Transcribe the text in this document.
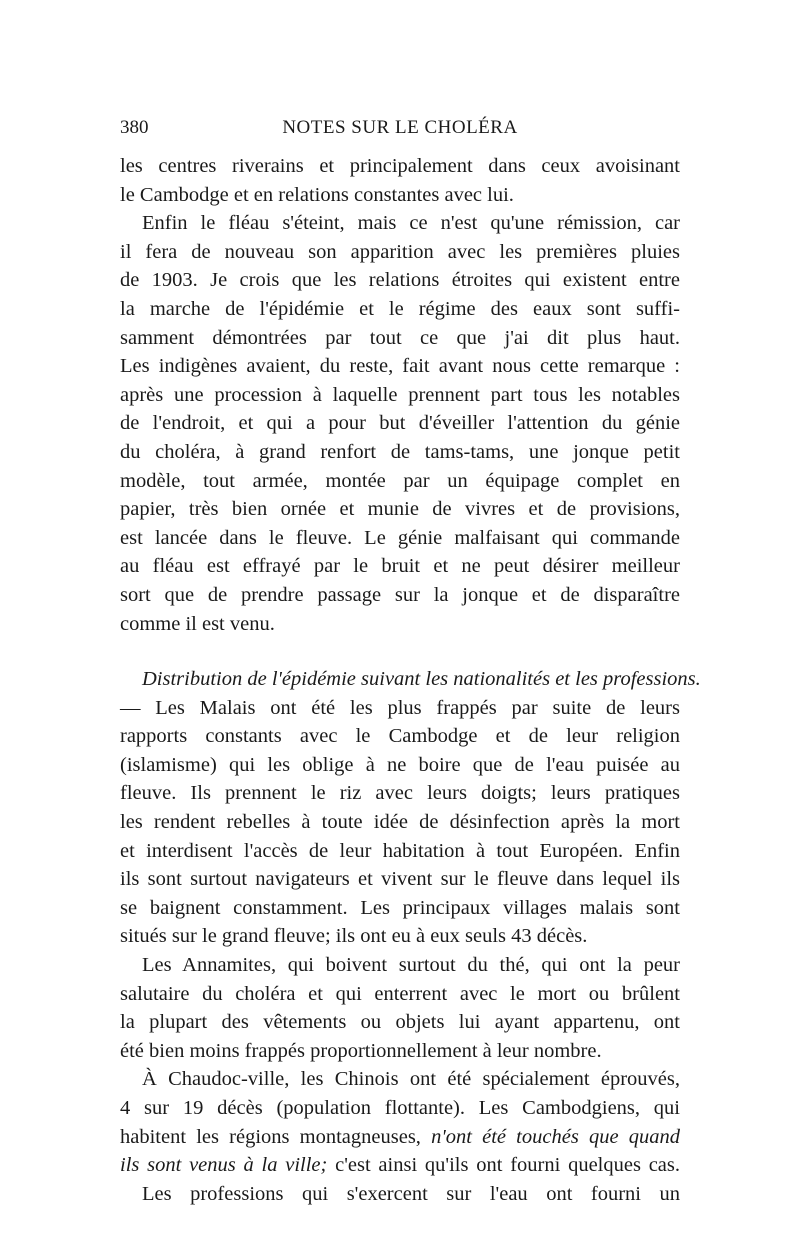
380	NOTES SUR LE CHOLÉRA
les centres riverains et principalement dans ceux avoisinant
le Cambodge et en relations constantes avec lui.
Enfin le fléau s'éteint, mais ce n'est qu'une rémission, car
il fera de nouveau son apparition avec les premières pluies
de 1903. Je crois que les relations étroites qui existent entre
la marche de l'épidémie et le régime des eaux sont suffi-
samment démontrées par tout ce que j'ai dit plus haut.
Les indigènes avaient, du reste, fait avant nous cette remarque :
après une procession à laquelle prennent part tous les notables
de l'endroit, et qui a pour but d'éveiller l'attention du génie
du choléra, à grand renfort de tams-tams, une jonque petit
modèle, tout armée, montée par un équipage complet en
papier, très bien ornée et munie de vivres et de provisions,
est lancée dans le fleuve. Le génie malfaisant qui commande
au fléau est effrayé par le bruit et ne peut désirer meilleur
sort que de prendre passage sur la jonque et de disparaître
comme il est venu.
Distribution de l'épidémie suivant les nationalités et les professions.
— Les Malais ont été les plus frappés par suite de leurs
rapports constants avec le Cambodge et de leur religion
(islamisme) qui les oblige à ne boire que de l'eau puisée au
fleuve. Ils prennent le riz avec leurs doigts; leurs pratiques
les rendent rebelles à toute idée de désinfection après la mort
et interdisent l'accès de leur habitation à tout Européen. Enfin
ils sont surtout navigateurs et vivent sur le fleuve dans lequel ils
se baignent constamment. Les principaux villages malais sont
situés sur le grand fleuve; ils ont eu à eux seuls 43 décès.
Les Annamites, qui boivent surtout du thé, qui ont la peur
salutaire du choléra et qui enterrent avec le mort ou brûlent
la plupart des vêtements ou objets lui ayant appartenu, ont
été bien moins frappés proportionnellement à leur nombre.
À Chaudoc-ville, les Chinois ont été spécialement éprouvés,
4 sur 19 décès (population flottante). Les Cambodgiens, qui
habitent les régions montagneuses, n'ont été touchés que quand
ils sont venus à la ville; c'est ainsi qu'ils ont fourni quelques cas.
Les professions qui s'exercent sur l'eau ont fourni un
